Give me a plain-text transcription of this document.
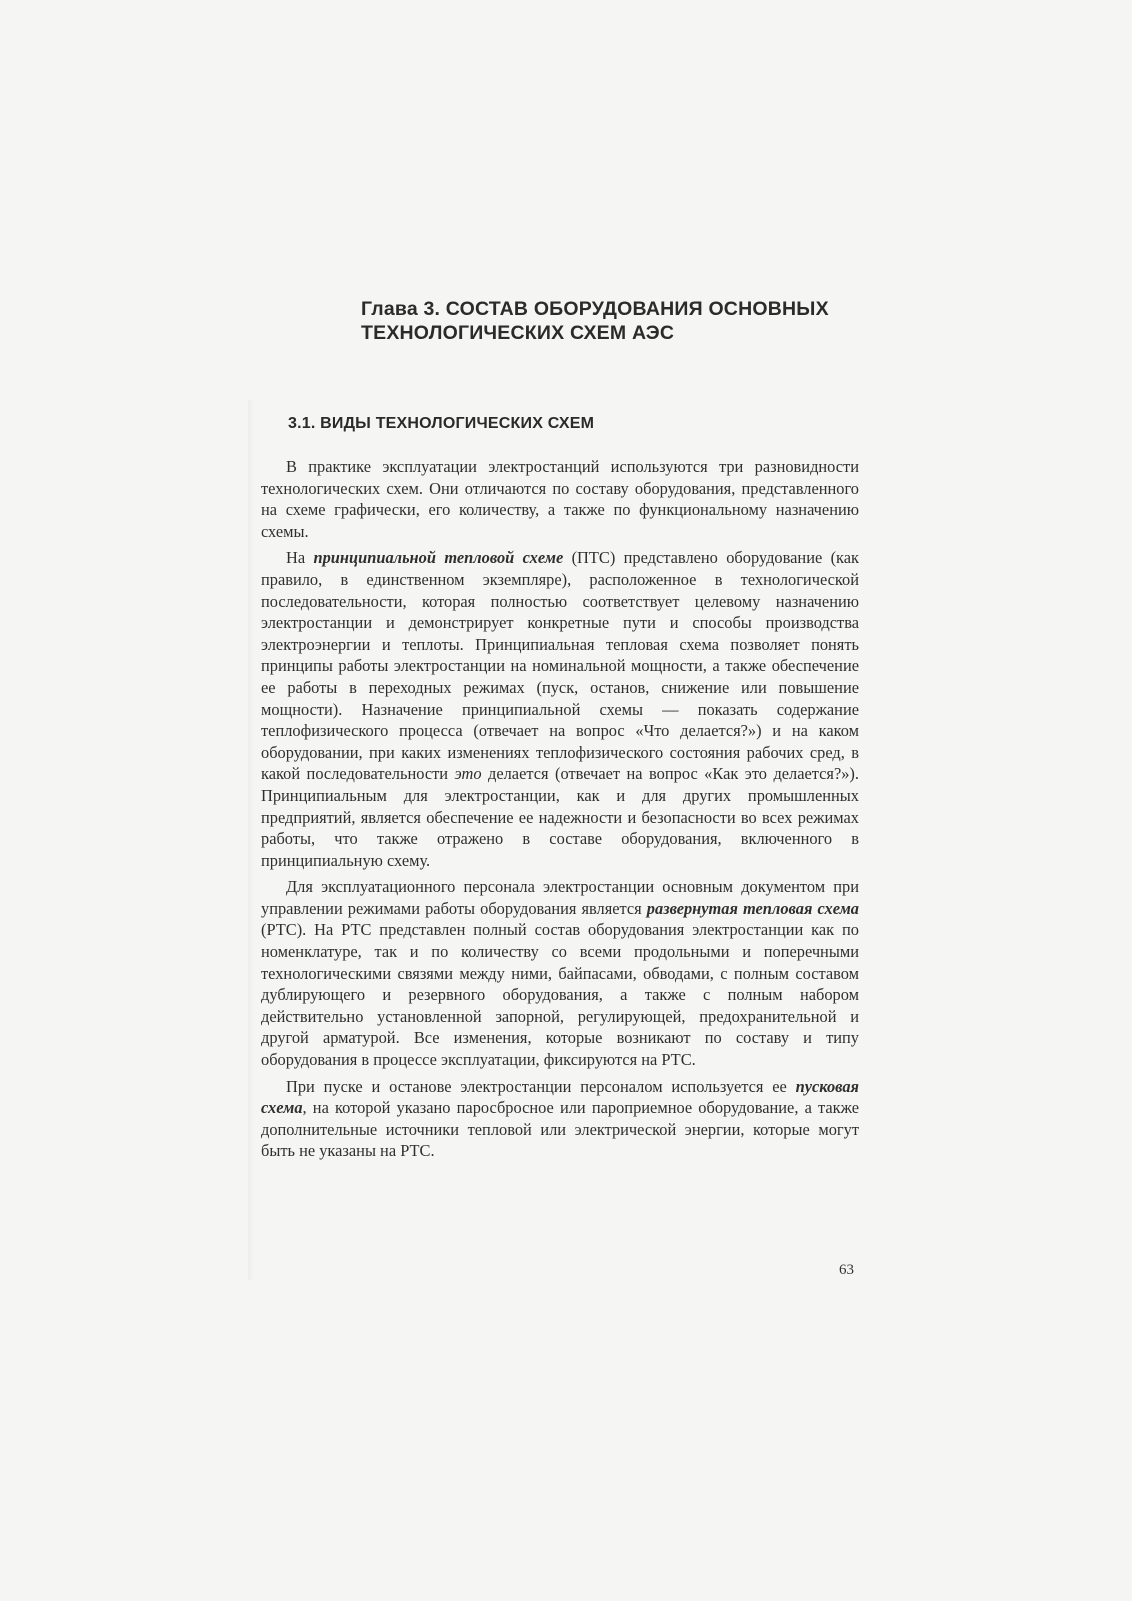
Глава 3. СОСТАВ ОБОРУДОВАНИЯ ОСНОВНЫХ
ТЕХНОЛОГИЧЕСКИХ СХЕМ АЭС
3.1. ВИДЫ ТЕХНОЛОГИЧЕСКИХ СХЕМ

В практике эксплуатации электростанций используются три разновидности технологических схем. Они отличаются по составу оборудования, представленного на схеме графически, его количеству, а также по функциональному назначению схемы.

На принципиальной тепловой схеме (ПТС) представлено оборудование (как правило, в единственном экземпляре), расположенное в технологической последовательности, которая полностью соответствует целевому назначению электростанции и демонстрирует конкретные пути и способы производства электроэнергии и теплоты. Принципиальная тепловая схема позволяет понять принципы работы электростанции на номинальной мощности, а также обеспечение ее работы в переходных режимах (пуск, останов, снижение или повышение мощности). Назначение принципиальной схемы — показать содержание теплофизического процесса (отвечает на вопрос «Что делается?») и на каком оборудовании, при каких изменениях теплофизического состояния рабочих сред, в какой последовательности это делается (отвечает на вопрос «Как это делается?»). Принципиальным для электростанции, как и для других промышленных предприятий, является обеспечение ее надежности и безопасности во всех режимах работы, что также отражено в составе оборудования, включенного в принципиальную схему.

Для эксплуатационного персонала электростанции основным документом при управлении режимами работы оборудования является развернутая тепловая схема (РТС). На РТС представлен полный состав оборудования электростанции как по номенклатуре, так и по количеству со всеми продольными и поперечными технологическими связями между ними, байпасами, обводами, с полным составом дублирующего и резервного оборудования, а также с полным набором действительно установленной запорной, регулирующей, предохранительной и другой арматурой. Все изменения, которые возникают по составу и типу оборудования в процессе эксплуатации, фиксируются на РТС.

При пуске и останове электростанции персоналом используется ее пусковая схема, на которой указано паросбросное или пароприемное оборудование, а также дополнительные источники тепловой или электрической энергии, которые могут быть не указаны на РТС.

63
